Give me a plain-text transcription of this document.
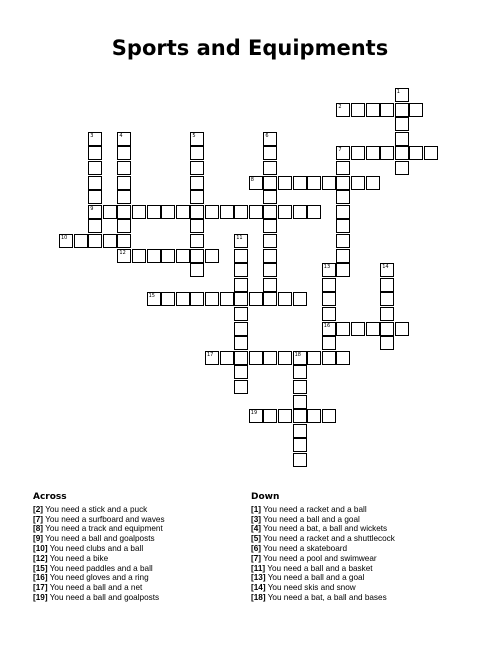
Sports and Equipments
1
2
3
9
4	5	6
7
8
10	11
12
13
16
14
15
17	18
19
Across
[2] You need a stick and a puck
[7] You need a surfboard and waves
[8] You need a track and equipment
[9] You need a ball and goalposts
[10] You need clubs and a ball
[12] You need a bike
[15] You need paddles and a ball
[16] You need gloves and a ring
[17] You need a ball and a net
[19] You need a ball and goalposts
Down
[1] You need a racket and a ball
[3] You need a ball and a goal
[4] You need a bat, a ball and wickets
[5] You need a racket and a shuttlecock
[6] You need a skateboard
[7] You need a pool and swimwear
[11] You need a ball and a basket
[13] You need a ball and a goal
[14] You need skis and snow
[18] You need a bat, a ball and bases
